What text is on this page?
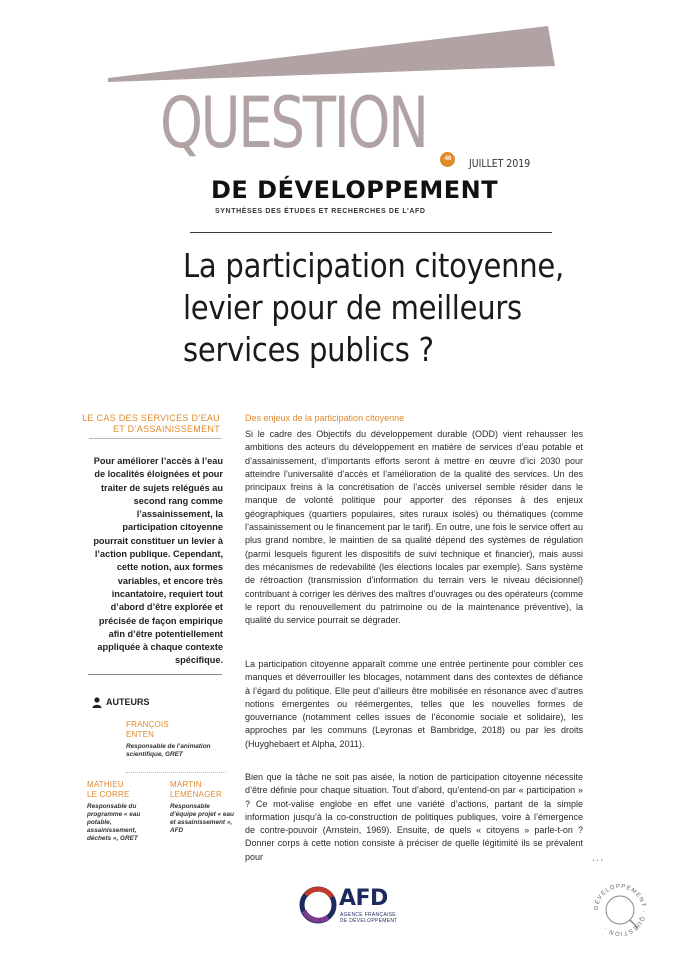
QUESTION	46	JUILLET 2019
DE DÉVELOPPEMENT
SYNTHÈSES DES ÉTUDES ET RECHERCHES DE L’AFD
La participation citoyenne,
levier pour de meilleurs
services publics ?
LE CAS DES SERVICES D’EAU
ET D’ASSAINISSEMENT
Pour améliorer l’accès à l’eau de localités éloignées et pour traiter de sujets relégués au second rang comme l’assainissement, la participation citoyenne pourrait constituer un levier à l’action publique. Cependant, cette notion, aux formes variables, et encore très incantatoire, requiert tout d’abord d’être explorée et précisée de façon empirique afin d’être potentiellement appliquée à chaque contexte spécifique.
AUTEURS
FRANÇOIS
ENTEN
Responsable de l’animation scientifique, GRET
MATHIEU
LE CORRE
Responsable du programme « eau potable, assainissement, déchets », GRET
MARTIN
LEMÉNAGER
Responsable d’équipe projet « eau et assainissement », AFD
Des enjeux de la participation citoyenne
Si le cadre des Objectifs du développement durable (ODD) vient rehausser les ambitions des acteurs du développement en matière de services d’eau potable et d’assainissement, d’importants efforts seront à mettre en œuvre d’ici 2030 pour atteindre l’universalité d’accès et l’amélioration de la qualité des services. Un des principaux freins à la concrétisation de l’accès universel semble résider dans le manque de volonté politique pour apporter des réponses à des enjeux géographiques (quartiers populaires, sites ruraux isolés) ou thématiques (comme l’assainissement ou le financement par le tarif). En outre, une fois le service offert au plus grand nombre, le maintien de sa qualité dépend des systèmes de régulation (parmi lesquels figurent les dispositifs de suivi technique et financier), mais aussi des mécanismes de redevabilité (les élections locales par exemple). Sans système de rétroaction (transmission d’information du terrain vers le niveau décisionnel) contribuant à corriger les dérives des maîtres d’ouvrages ou des opérateurs (comme le report du renouvellement du patrimoine ou de la maintenance préventive), la qualité du service pourrait se dégrader.
La participation citoyenne apparaît comme une entrée pertinente pour combler ces manques et déverrouiller les blocages, notamment dans des contextes de défiance à l’égard du politique. Elle peut d’ailleurs être mobilisée en résonance avec d’autres notions émergentes ou réémergentes, telles que les nouvelles formes de gouvernance (notamment celles issues de l’économie sociale et solidaire), les approches par les communs (Leyronas et Bambridge, 2018) ou par les droits (Huyghebaert et Alpha, 2011).
Bien que la tâche ne soit pas aisée, la notion de participation citoyenne nécessite d’être définie pour chaque situation. Tout d’abord, qu’entend-on par « participation » ? Ce mot-valise englobe en effet une variété d’actions, partant de la simple information jusqu’à la co-construction de politiques publiques, voire à l’émergence de contre-pouvoir (Arnstein, 1969). Ensuite, de quels « citoyens » parle-t-on ? Donner corps à cette notion consiste à préciser de quelle légitimité ils se prévalent pour	…
AFD
AGENCE FRANÇAISE
DE DÉVELOPPEMENT
DÉVELOPPEMENT · QUESTION ·
